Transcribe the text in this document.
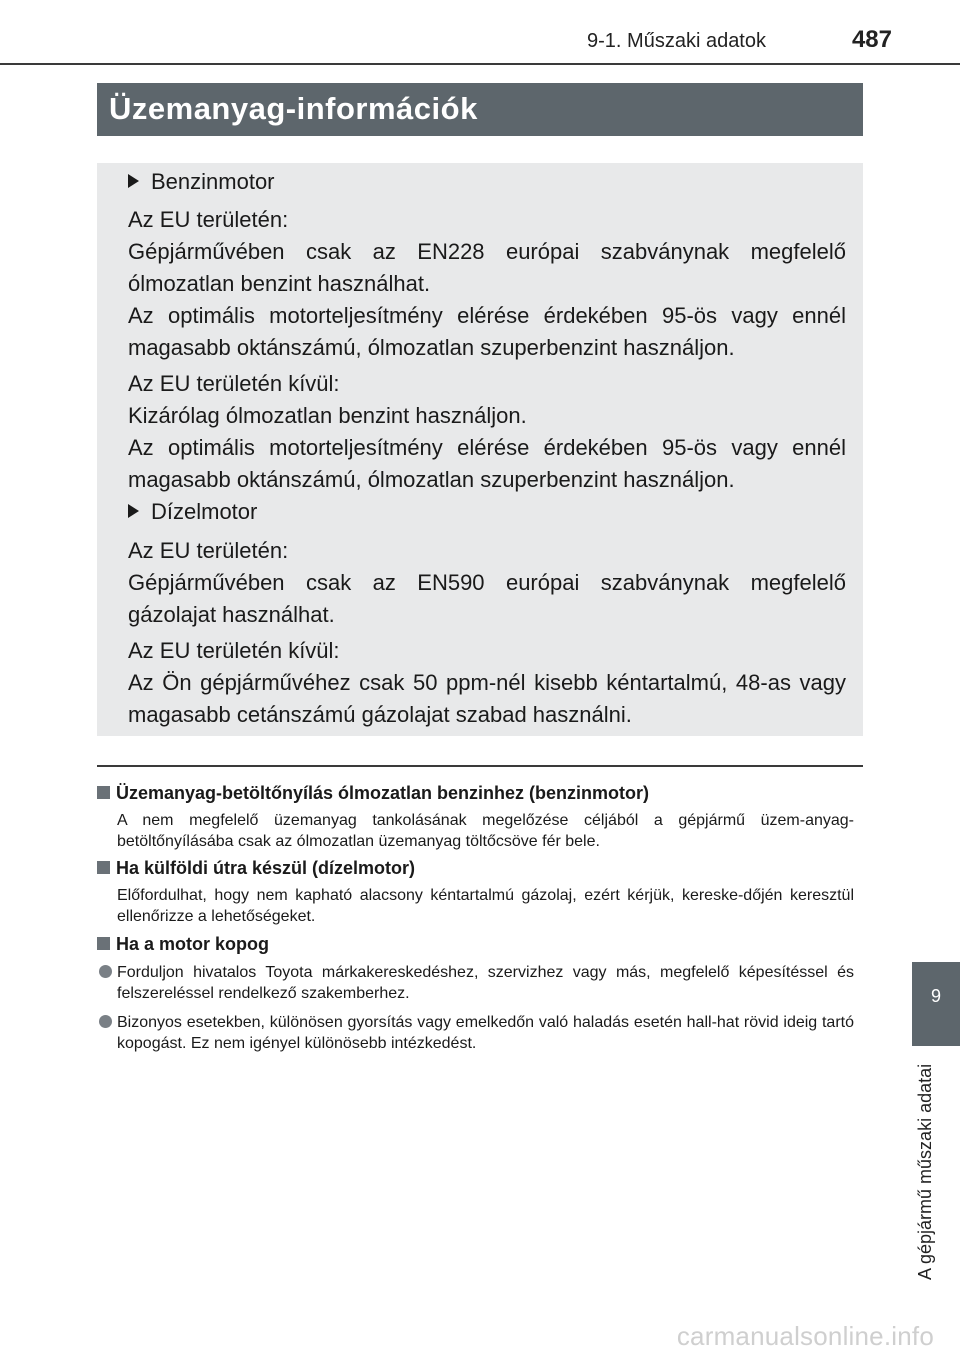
9-1. Műszaki adatok	487
Üzemanyag-információk
Benzinmotor

Az EU területén:

Gépjárművében csak az EN228 európai szabványnak megfelelő ólmozatlan benzint használhat.

Az optimális motorteljesítmény elérése érdekében 95-ös vagy ennél magasabb oktánszámú, ólmozatlan szuperbenzint használjon.

Az EU területén kívül:

Kizárólag ólmozatlan benzint használjon.

Az optimális motorteljesítmény elérése érdekében 95-ös vagy ennél magasabb oktánszámú, ólmozatlan szuperbenzint használjon.

Dízelmotor

Az EU területén:

Gépjárművében csak az EN590 európai szabványnak megfelelő gázolajat használhat.

Az EU területén kívül:

Az Ön gépjárművéhez csak 50 ppm-nél kisebb kéntartalmú, 48-as vagy magasabb cetánszámú gázolajat szabad használni.

Üzemanyag-betöltőnyílás ólmozatlan benzinhez (benzinmotor)

A nem megfelelő üzemanyag tankolásának megelőzése céljából a gépjármű üzem-anyag-betöltőnyílásába csak az ólmozatlan üzemanyag töltőcsöve fér bele.

Ha külföldi útra készül (dízelmotor)

Előfordulhat, hogy nem kapható alacsony kéntartalmú gázolaj, ezért kérjük, kereske-dőjén keresztül ellenőrizze a lehetőségeket.

Ha a motor kopog

Forduljon hivatalos Toyota márkakereskedéshez, szervizhez vagy más, megfelelő képesítéssel és felszereléssel rendelkező szakemberhez.

Bizonyos esetekben, különösen gyorsítás vagy emelkedőn való haladás esetén hall-hat rövid ideig tartó kopogást. Ez nem igényel különösebb intézkedést.

9
A gépjármű műszaki adatai
carmanualsonline.info
